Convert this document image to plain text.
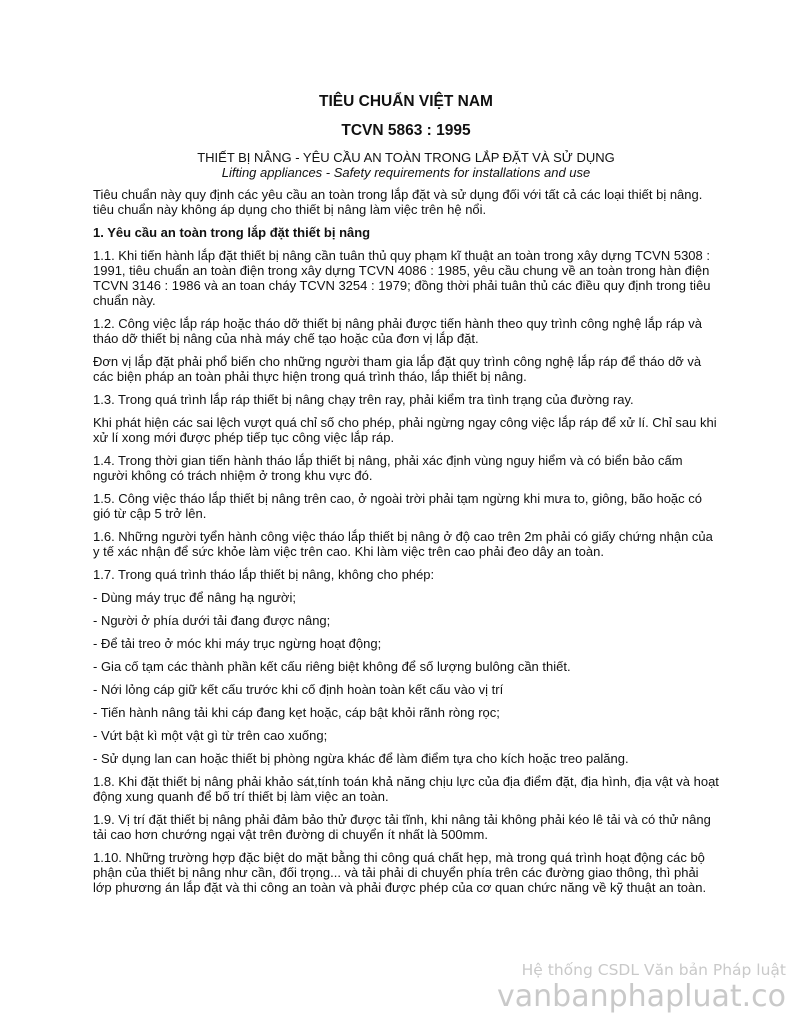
TIÊU CHUẨN VIỆT NAM
TCVN 5863 : 1995
THIẾT BỊ NÂNG - YÊU CẦU AN TOÀN TRONG LẮP ĐẶT VÀ SỬ DỤNG
Lifting appliances - Safety requirements for installations and use

Tiêu chuẩn này quy định các yêu cầu an toàn trong lắp đặt và sử dụng đối với tất cả các loại thiết bị nâng. tiêu chuẩn này không áp dụng cho thiết bị nâng làm việc trên hệ nổi.

1. Yêu cầu an toàn trong lắp đặt thiết bị nâng

1.1. Khi tiến hành lắp đặt thiết bị nâng cần tuân thủ quy phạm kĩ thuật an toàn trong xây dựng TCVN 5308 : 1991, tiêu chuẩn an toàn điện trong xây dựng TCVN 4086 : 1985, yêu cầu chung về an toàn trong hàn điện TCVN 3146 : 1986 và an toan cháy TCVN 3254 : 1979; đồng thời phải tuân thủ các điều quy định trong tiêu chuẩn này.

1.2. Công việc lắp ráp hoặc tháo dỡ thiết bị nâng phải được tiến hành theo quy trình công nghệ lắp ráp và tháo dỡ thiết bị nâng của nhà máy chế tạo hoặc của đơn vị lắp đặt.

Đơn vị lắp đặt phải phổ biến cho những người tham gia lắp đặt quy trình công nghệ lắp ráp để tháo dỡ và các biện pháp an toàn phải thực hiện trong quá trình tháo, lắp thiết bị nâng.

1.3. Trong quá trình lắp ráp thiết bị nâng chạy trên ray, phải kiểm tra tình trạng của đường ray.

Khi phát hiện các sai lệch vượt quá chỉ số cho phép, phải ngừng ngay công việc lắp ráp để xử lí. Chỉ sau khi xử lí xong mới được phép tiếp tục công việc lắp ráp.

1.4. Trong thời gian tiến hành tháo lắp thiết bị nâng, phải xác định vùng nguy hiểm và có biển bảo cấm người không có trách nhiệm ở trong khu vực đó.

1.5. Công việc tháo lắp thiết bị nâng trên cao, ở ngoài trời phải tạm ngừng khi mưa to, giông, bão hoặc có gió từ cập 5 trở lên.

1.6. Những người tyển hành công việc tháo lắp thiết bị nâng ở độ cao trên 2m phải có giấy chứng nhận của y tế xác nhận để sức khỏe làm việc trên cao. Khi làm việc trên cao phải đeo dây an toàn.

1.7. Trong quá trình tháo lắp thiết bị nâng, không cho phép:

- Dùng máy trục để nâng hạ người;

- Người ở phía dưới tải đang được nâng;

- Để tải treo ở móc khi máy trục ngừng hoạt động;

- Gia cố tạm các thành phần kết cấu riêng biệt không để số lượng bulông cần thiết.

- Nới lỏng cáp giữ kết cấu trước khi cố định hoàn toàn kết cấu vào vị trí

- Tiến hành nâng tải khi cáp đang kẹt hoặc, cáp bật khỏi rãnh ròng rọc;

- Vứt bật kì một vật gì từ trên cao xuống;

- Sử dụng lan can hoặc thiết bị phòng ngừa khác để làm điểm tựa cho kích hoặc treo palăng.

1.8. Khi đặt thiết bị nâng phải khảo sát,tính toán khả năng chịu lực của địa điểm đặt, địa hình, địa vật và hoạt động xung quanh để bố trí thiết bị làm việc an toàn.

1.9. Vị trí đặt thiết bị nâng phải đảm bảo thử được tải tĩnh, khi nâng tải không phải kéo lê tải và có thử nâng tải cao hơn chướng ngại vật trên đường di chuyển ít nhất là 500mm.

1.10. Những trường hợp đặc biệt do mặt bằng thi công quá chất hẹp, mà trong quá trình hoạt động các bộ phận của thiết bị nâng như cần, đối trọng... và tải phải di chuyển phía trên các đường giao thông, thì phải lớp phương án lắp đặt và thi công an toàn và phải được phép của cơ quan chức năng về kỹ thuật an toàn.

Hệ thống CSDL Văn bản Pháp luật
vanbanphapluat.co
